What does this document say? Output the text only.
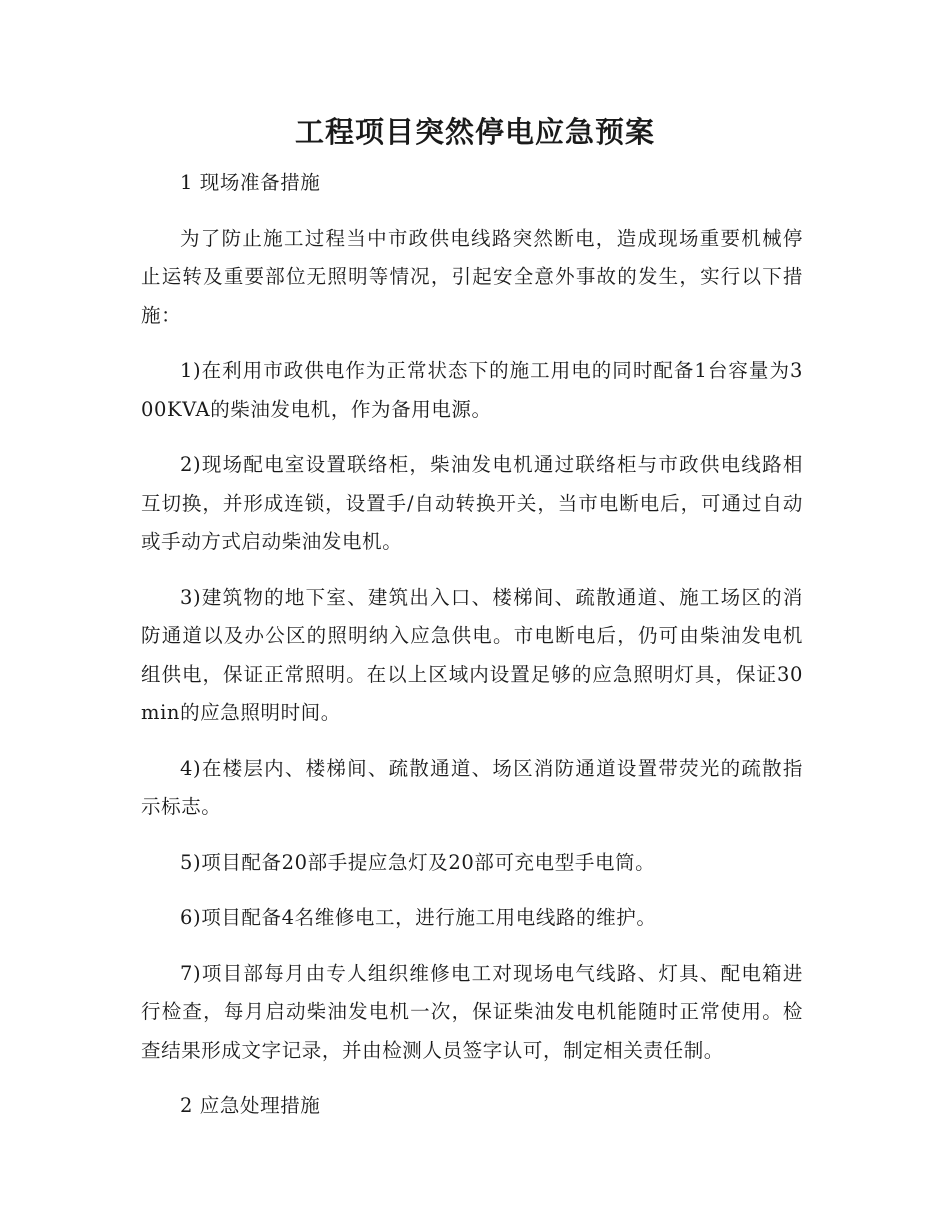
工程项目突然停电应急预案

1 现场准备措施

为了防止施工过程当中市政供电线路突然断电，造成现场重要机械停止运转及重要部位无照明等情况，引起安全意外事故的发生，实行以下措施：

1)在利用市政供电作为正常状态下的施工用电的同时配备1台容量为300KVA的柴油发电机，作为备用电源。

2)现场配电室设置联络柜，柴油发电机通过联络柜与市政供电线路相互切换，并形成连锁，设置手/自动转换开关，当市电断电后，可通过自动或手动方式启动柴油发电机。

3)建筑物的地下室、建筑出入口、楼梯间、疏散通道、施工场区的消防通道以及办公区的照明纳入应急供电。市电断电后，仍可由柴油发电机组供电，保证正常照明。在以上区域内设置足够的应急照明灯具，保证30min的应急照明时间。

4)在楼层内、楼梯间、疏散通道、场区消防通道设置带荧光的疏散指示标志。

5)项目配备20部手提应急灯及20部可充电型手电筒。

6)项目配备4名维修电工，进行施工用电线路的维护。

7)项目部每月由专人组织维修电工对现场电气线路、灯具、配电箱进行检查，每月启动柴油发电机一次，保证柴油发电机能随时正常使用。检查结果形成文字记录，并由检测人员签字认可，制定相关责任制。

2 应急处理措施
